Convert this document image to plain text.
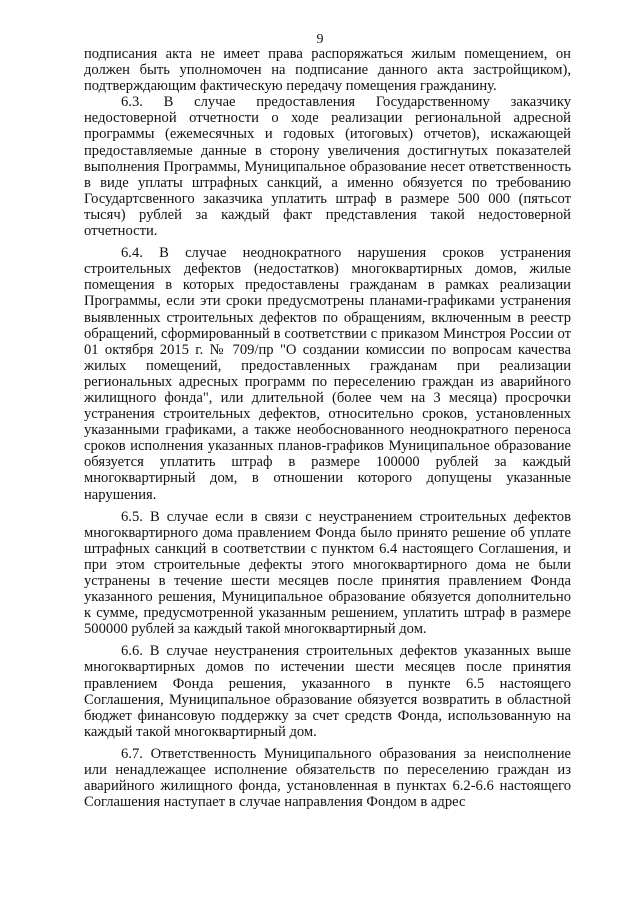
9

подписания акта не имеет права распоряжаться жилым помещением, он должен быть уполномочен на подписание данного акта застройщиком), подтверждающим фактическую передачу помещения гражданину.

6.3. В случае предоставления Государственному заказчику недостоверной отчетности о ходе реализации региональной адресной программы (ежемесячных и годовых (итоговых) отчетов), искажающей предоставляемые данные в сторону увеличения достигнутых показателей выполнения Программы, Муниципальное образование несет ответственность в виде уплаты штрафных санкций, а именно обязуется по требованию Государтсвенного заказчика уплатить штраф в размере 500 000 (пятьсот тысяч) рублей за каждый факт представления такой недостоверной отчетности.

6.4. В случае неоднократного нарушения сроков устранения строительных дефектов (недостатков) многоквартирных домов, жилые помещения в которых предоставлены гражданам в рамках реализации Программы, если эти сроки предусмотрены планами-графиками устранения выявленных строительных дефектов по обращениям, включенным в реестр обращений, сформированный в соответствии с приказом Минстроя России от 01 октября 2015 г. № 709/пр "О создании комиссии по вопросам качества жилых помещений, предоставленных гражданам при реализации региональных адресных программ по переселению граждан из аварийного жилищного фонда", или длительной (более чем на 3 месяца) просрочки устранения строительных дефектов, относительно сроков, установленных указанными графиками, а также необоснованного неоднократного переноса сроков исполнения указанных планов-графиков Муниципальное образование обязуется уплатить штраф в размере 100000 рублей за каждый многоквартирный дом, в отношении которого допущены указанные нарушения.

6.5. В случае если в связи с неустранением строительных дефектов многоквартирного дома правлением Фонда было принято решение об уплате штрафных санкций в соответствии с пунктом 6.4 настоящего Соглашения, и при этом строительные дефекты этого многоквартирного дома не были устранены в течение шести месяцев после принятия правлением Фонда указанного решения, Муниципальное образование обязуется дополнительно к сумме, предусмотренной указанным решением, уплатить штраф в размере 500000 рублей за каждый такой многоквартирный дом.

6.6. В случае неустранения строительных дефектов указанных выше многоквартирных домов по истечении шести месяцев после принятия правлением Фонда решения, указанного в пункте 6.5 настоящего Соглашения, Муниципальное образование обязуется возвратить в областной бюджет финансовую поддержку за счет средств Фонда, использованную на каждый такой многоквартирный дом.

6.7. Ответственность Муниципального образования за неисполнение или ненадлежащее исполнение обязательств по переселению граждан из аварийного жилищного фонда, установленная в пунктах 6.2-6.6 настоящего Соглашения наступает в случае направления Фондом в адрес
